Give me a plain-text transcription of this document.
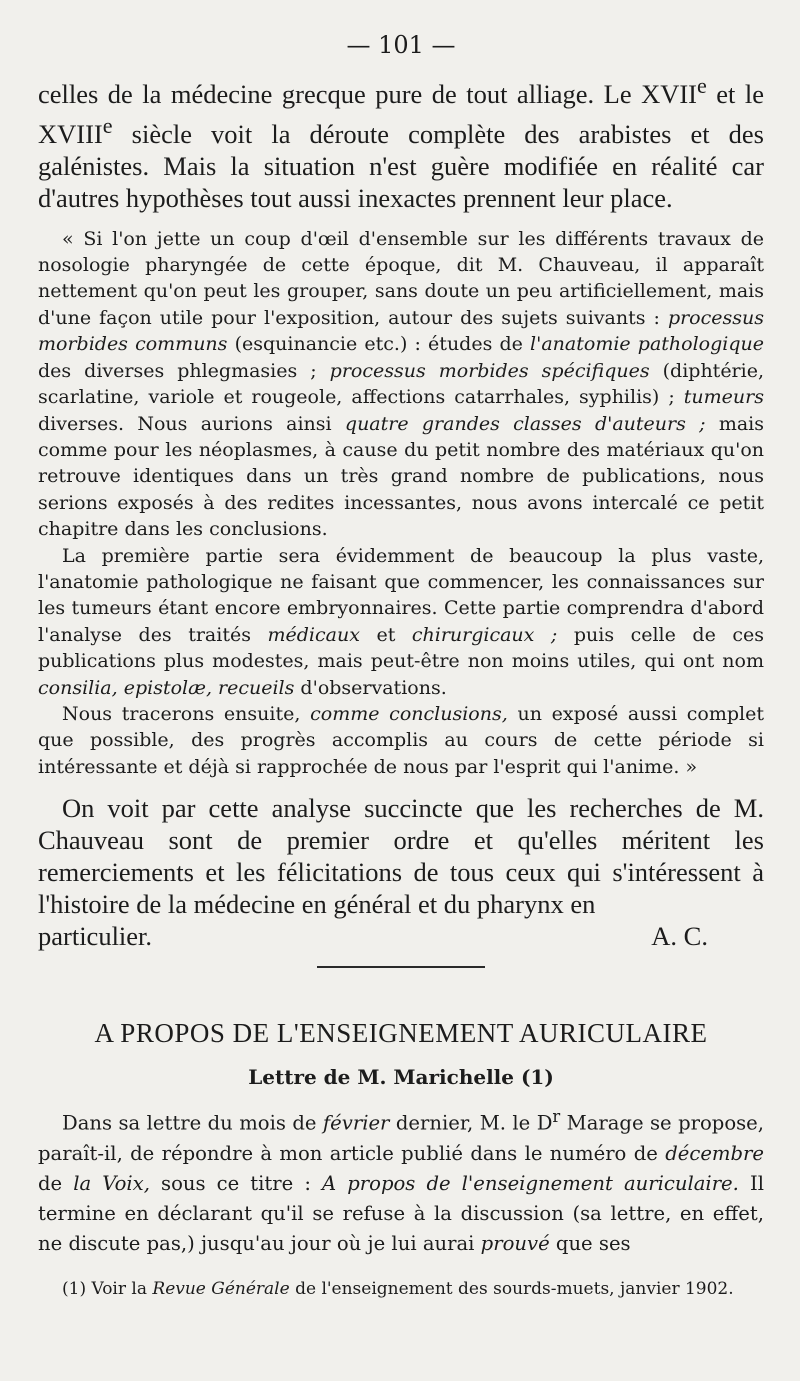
— 101 —

celles de la médecine grecque pure de tout alliage. Le XVIIe et le XVIIIe siècle voit la déroute complète des arabistes et des galénistes. Mais la situation n'est guère modifiée en réalité car d'autres hypothèses tout aussi inexactes prennent leur place.

« Si l'on jette un coup d'œil d'ensemble sur les différents travaux de nosologie pharyngée de cette époque, dit M. Chauveau, il apparaît nettement qu'on peut les grouper, sans doute un peu artificiellement, mais d'une façon utile pour l'exposition, autour des sujets suivants : processus morbides communs (esquinancie etc.) : études de l'anatomie pathologique des diverses phlegmasies ; processus morbides spécifiques (diphtérie, scarlatine, variole et rougeole, affections catarrhales, syphilis) ; tumeurs diverses. Nous aurions ainsi quatre grandes classes d'auteurs ; mais comme pour les néoplasmes, à cause du petit nombre des matériaux qu'on retrouve identiques dans un très grand nombre de publications, nous serions exposés à des redites incessantes, nous avons intercalé ce petit chapitre dans les conclusions.

La première partie sera évidemment de beaucoup la plus vaste, l'anatomie pathologique ne faisant que commencer, les connaissances sur les tumeurs étant encore embryonnaires. Cette partie comprendra d'abord l'analyse des traités médicaux et chirurgicaux ; puis celle de ces publications plus modestes, mais peut-être non moins utiles, qui ont nom consilia, epistolæ, recueils d'observations.

Nous tracerons ensuite, comme conclusions, un exposé aussi complet que possible, des progrès accomplis au cours de cette période si intéressante et déjà si rapprochée de nous par l'esprit qui l'anime. »

On voit par cette analyse succincte que les recherches de M. Chauveau sont de premier ordre et qu'elles méritent les remerciements et les félicitations de tous ceux qui s'intéressent à l'histoire de la médecine en général et du pharynx en

particulier.	A. C.
A PROPOS DE L'ENSEIGNEMENT AURICULAIRE
Lettre de M. Marichelle (1)

Dans sa lettre du mois de février dernier, M. le $D^r$ Marage se propose, paraît-il, de répondre à mon article publié dans le numéro de décembre de la Voix, sous ce titre : A propos de l'enseignement auriculaire. Il termine en déclarant qu'il se refuse à la discussion (sa lettre, en effet, ne discute pas,) jusqu'au jour où je lui aurai prouvé que ses

(1) Voir la Revue Générale de l'enseignement des sourds-muets, janvier 1902.
